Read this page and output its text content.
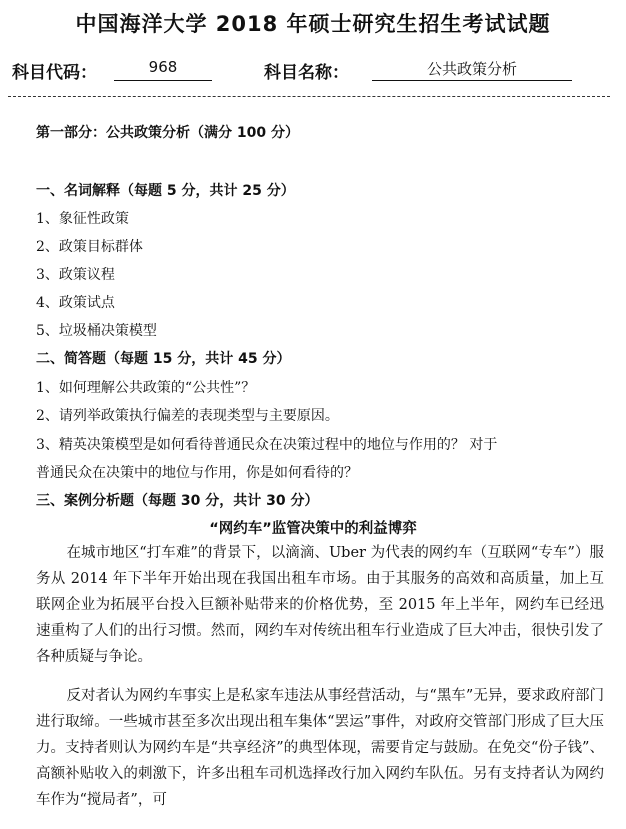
中国海洋大学 2018 年硕士研究生招生考试试题
科目代码：	968	科目名称：	公共政策分析
第一部分：公共政策分析（满分 100 分）
一、名词解释（每题 5 分，共计 25 分）
1、象征性政策
2、政策目标群体
3、政策议程
4、政策试点
5、垃圾桶决策模型
二、简答题（每题 15 分，共计 45 分）
1、如何理解公共政策的“公共性”？
2、请列举政策执行偏差的表现类型与主要原因。
3、精英决策模型是如何看待普通民众在决策过程中的地位与作用的？ 对于
普通民众在决策中的地位与作用，你是如何看待的？
三、案例分析题（每题 30 分，共计 30 分）
“网约车”监管决策中的利益博弈
在城市地区“打车难”的背景下，以滴滴、Uber 为代表的网约车（互联网“专车”）服务从 2014 年下半年开始出现在我国出租车市场。由于其服务的高效和高质量，加上互联网企业为拓展平台投入巨额补贴带来的价格优势，至 2015 年上半年，网约车已经迅速重构了人们的出行习惯。然而，网约车对传统出租车行业造成了巨大冲击，很快引发了各种质疑与争论。
反对者认为网约车事实上是私家车违法从事经营活动，与“黑车”无异，要求政府部门进行取缔。一些城市甚至多次出现出租车集体“罢运”事件，对政府交管部门形成了巨大压力。支持者则认为网约车是“共享经济”的典型体现，需要肯定与鼓励。在免交“份子钱”、高额补贴收入的刺激下，许多出租车司机选择改行加入网约车队伍。另有支持者认为网约车作为“搅局者”，可
